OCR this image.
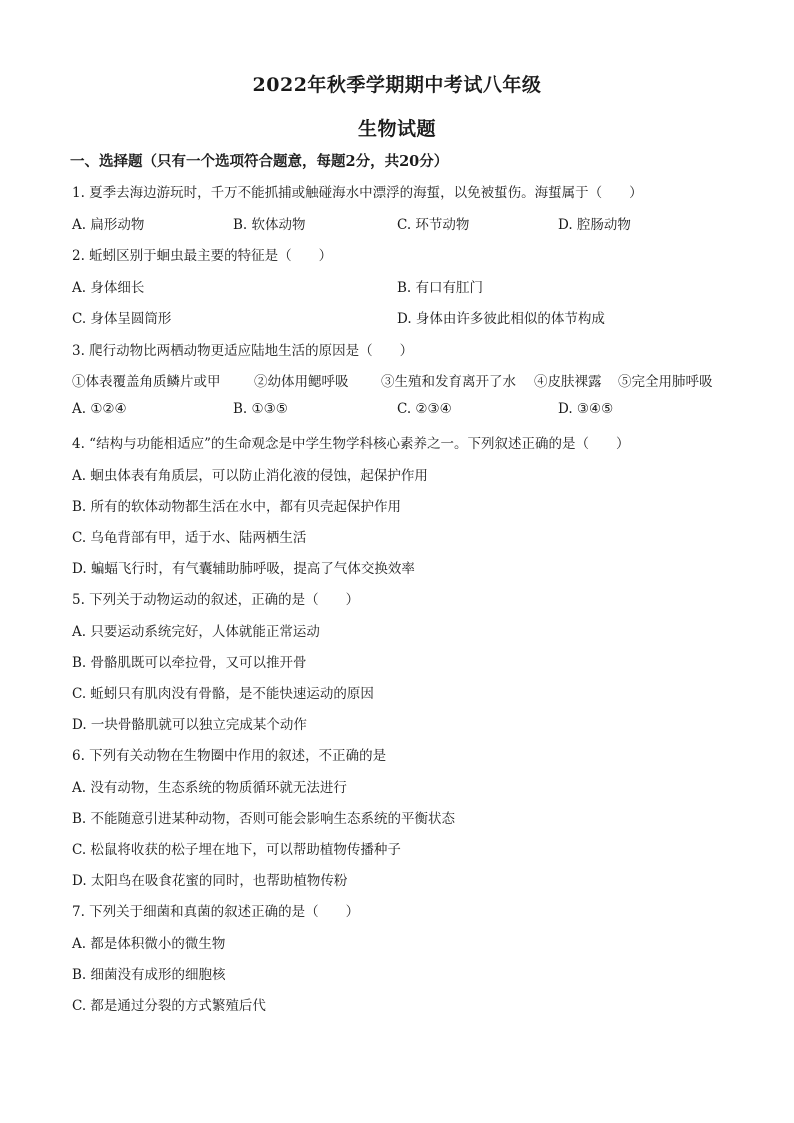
2022年秋季学期期中考试八年级
生物试题
一、选择题（只有一个选项符合题意，每题2分，共20分）
1. 夏季去海边游玩时，千万不能抓捕或触碰海水中漂浮的海蜇，以免被蜇伤。海蜇属于（　　）
A. 扁形动物	B. 软体动物	C. 环节动物	D. 腔肠动物
2. 蚯蚓区别于蛔虫最主要的特征是（　　）
A. 身体细长	B. 有口有肛门
C. 身体呈圆筒形	D. 身体由许多彼此相似的体节构成
3. 爬行动物比两栖动物更适应陆地生活的原因是（　　）
①体表覆盖角质鳞片或甲 ②幼体用鳃呼吸 ③生殖和发育离开了水 ④皮肤裸露 ⑤完全用肺呼吸
A. ①②④	B. ①③⑤	C. ②③④	D. ③④⑤
4. “结构与功能相适应”的生命观念是中学生物学科核心素养之一。下列叙述正确的是（　　）
A. 蛔虫体表有角质层，可以防止消化液的侵蚀，起保护作用
B. 所有的软体动物都生活在水中，都有贝壳起保护作用
C. 乌龟背部有甲，适于水、陆两栖生活
D. 蝙蝠飞行时，有气囊辅助肺呼吸，提高了气体交换效率
5. 下列关于动物运动的叙述，正确的是（　　）
A. 只要运动系统完好，人体就能正常运动
B. 骨骼肌既可以牵拉骨，又可以推开骨
C. 蚯蚓只有肌肉没有骨骼，是不能快速运动的原因
D. 一块骨骼肌就可以独立完成某个动作
6. 下列有关动物在生物圈中作用的叙述，不正确的是
A. 没有动物，生态系统的物质循环就无法进行
B. 不能随意引进某种动物，否则可能会影响生态系统的平衡状态
C. 松鼠将收获的松子埋在地下，可以帮助植物传播种子
D. 太阳鸟在吸食花蜜的同时，也帮助植物传粉
7. 下列关于细菌和真菌的叙述正确的是（　　）
A. 都是体积微小的微生物
B. 细菌没有成形的细胞核
C. 都是通过分裂的方式繁殖后代
